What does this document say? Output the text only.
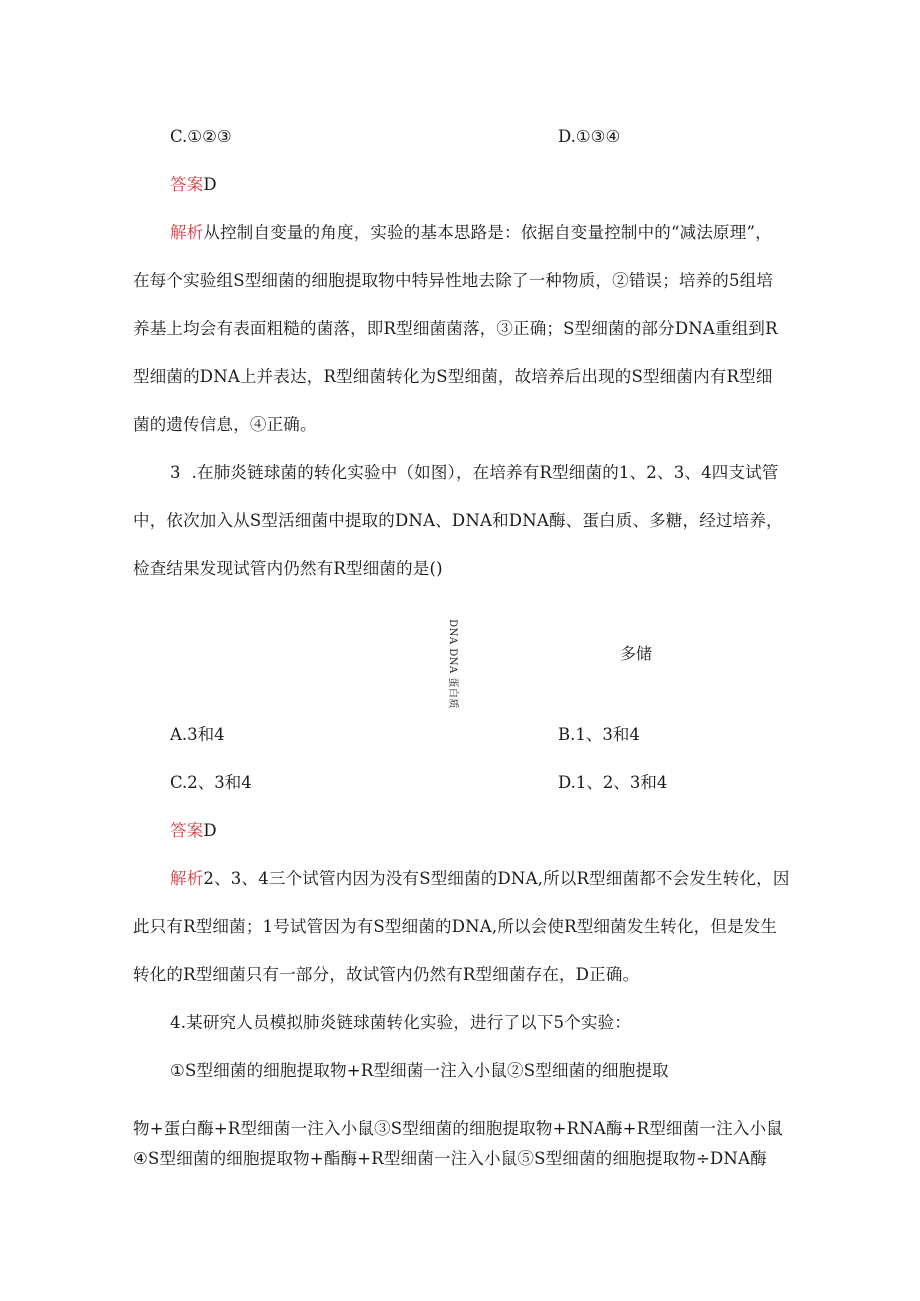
C.①②③	D.①③④
答案D
解析从控制自变量的角度，实验的基本思路是：依据自变量控制中的“减法原理”，
在每个实验组S型细菌的细胞提取物中特异性地去除了一种物质，②错误；培养的5组培
养基上均会有表面粗糙的菌落，即R型细菌菌落，③正确；S型细菌的部分DNA重组到R
型细菌的DNA上并表达，R型细菌转化为S型细菌，故培养后出现的S型细菌内有R型细
菌的遗传信息，④正确。
3  .在肺炎链球菌的转化实验中（如图），在培养有R型细菌的1、2、3、4四支试管
中，依次加入从S型活细菌中提取的DNA、DNA和DNA酶、蛋白质、多糖，经过培养，
检查结果发现试管内仍然有R型细菌的是()
DNA DNA 蛋白质	多储
A.3和4	B.1、3和4
C.2、3和4	D.1、2、3和4
答案D
解析2、3、4三个试管内因为没有S型细菌的DNA,所以R型细菌都不会发生转化，因
此只有R型细菌；1号试管因为有S型细菌的DNA,所以会使R型细菌发生转化，但是发生
转化的R型细菌只有一部分，故试管内仍然有R型细菌存在，D正确。
4.某研究人员模拟肺炎链球菌转化实验，进行了以下5个实验：
①S型细菌的细胞提取物+R型细菌一注入小鼠②S型细菌的细胞提取
物+蛋白酶+R型细菌一注入小鼠③S型细菌的细胞提取物+RNA酶+R型细菌一注入小鼠
④S型细菌的细胞提取物+酯酶+R型细菌一注入小鼠⑤S型细菌的细胞提取物÷DNA酶
